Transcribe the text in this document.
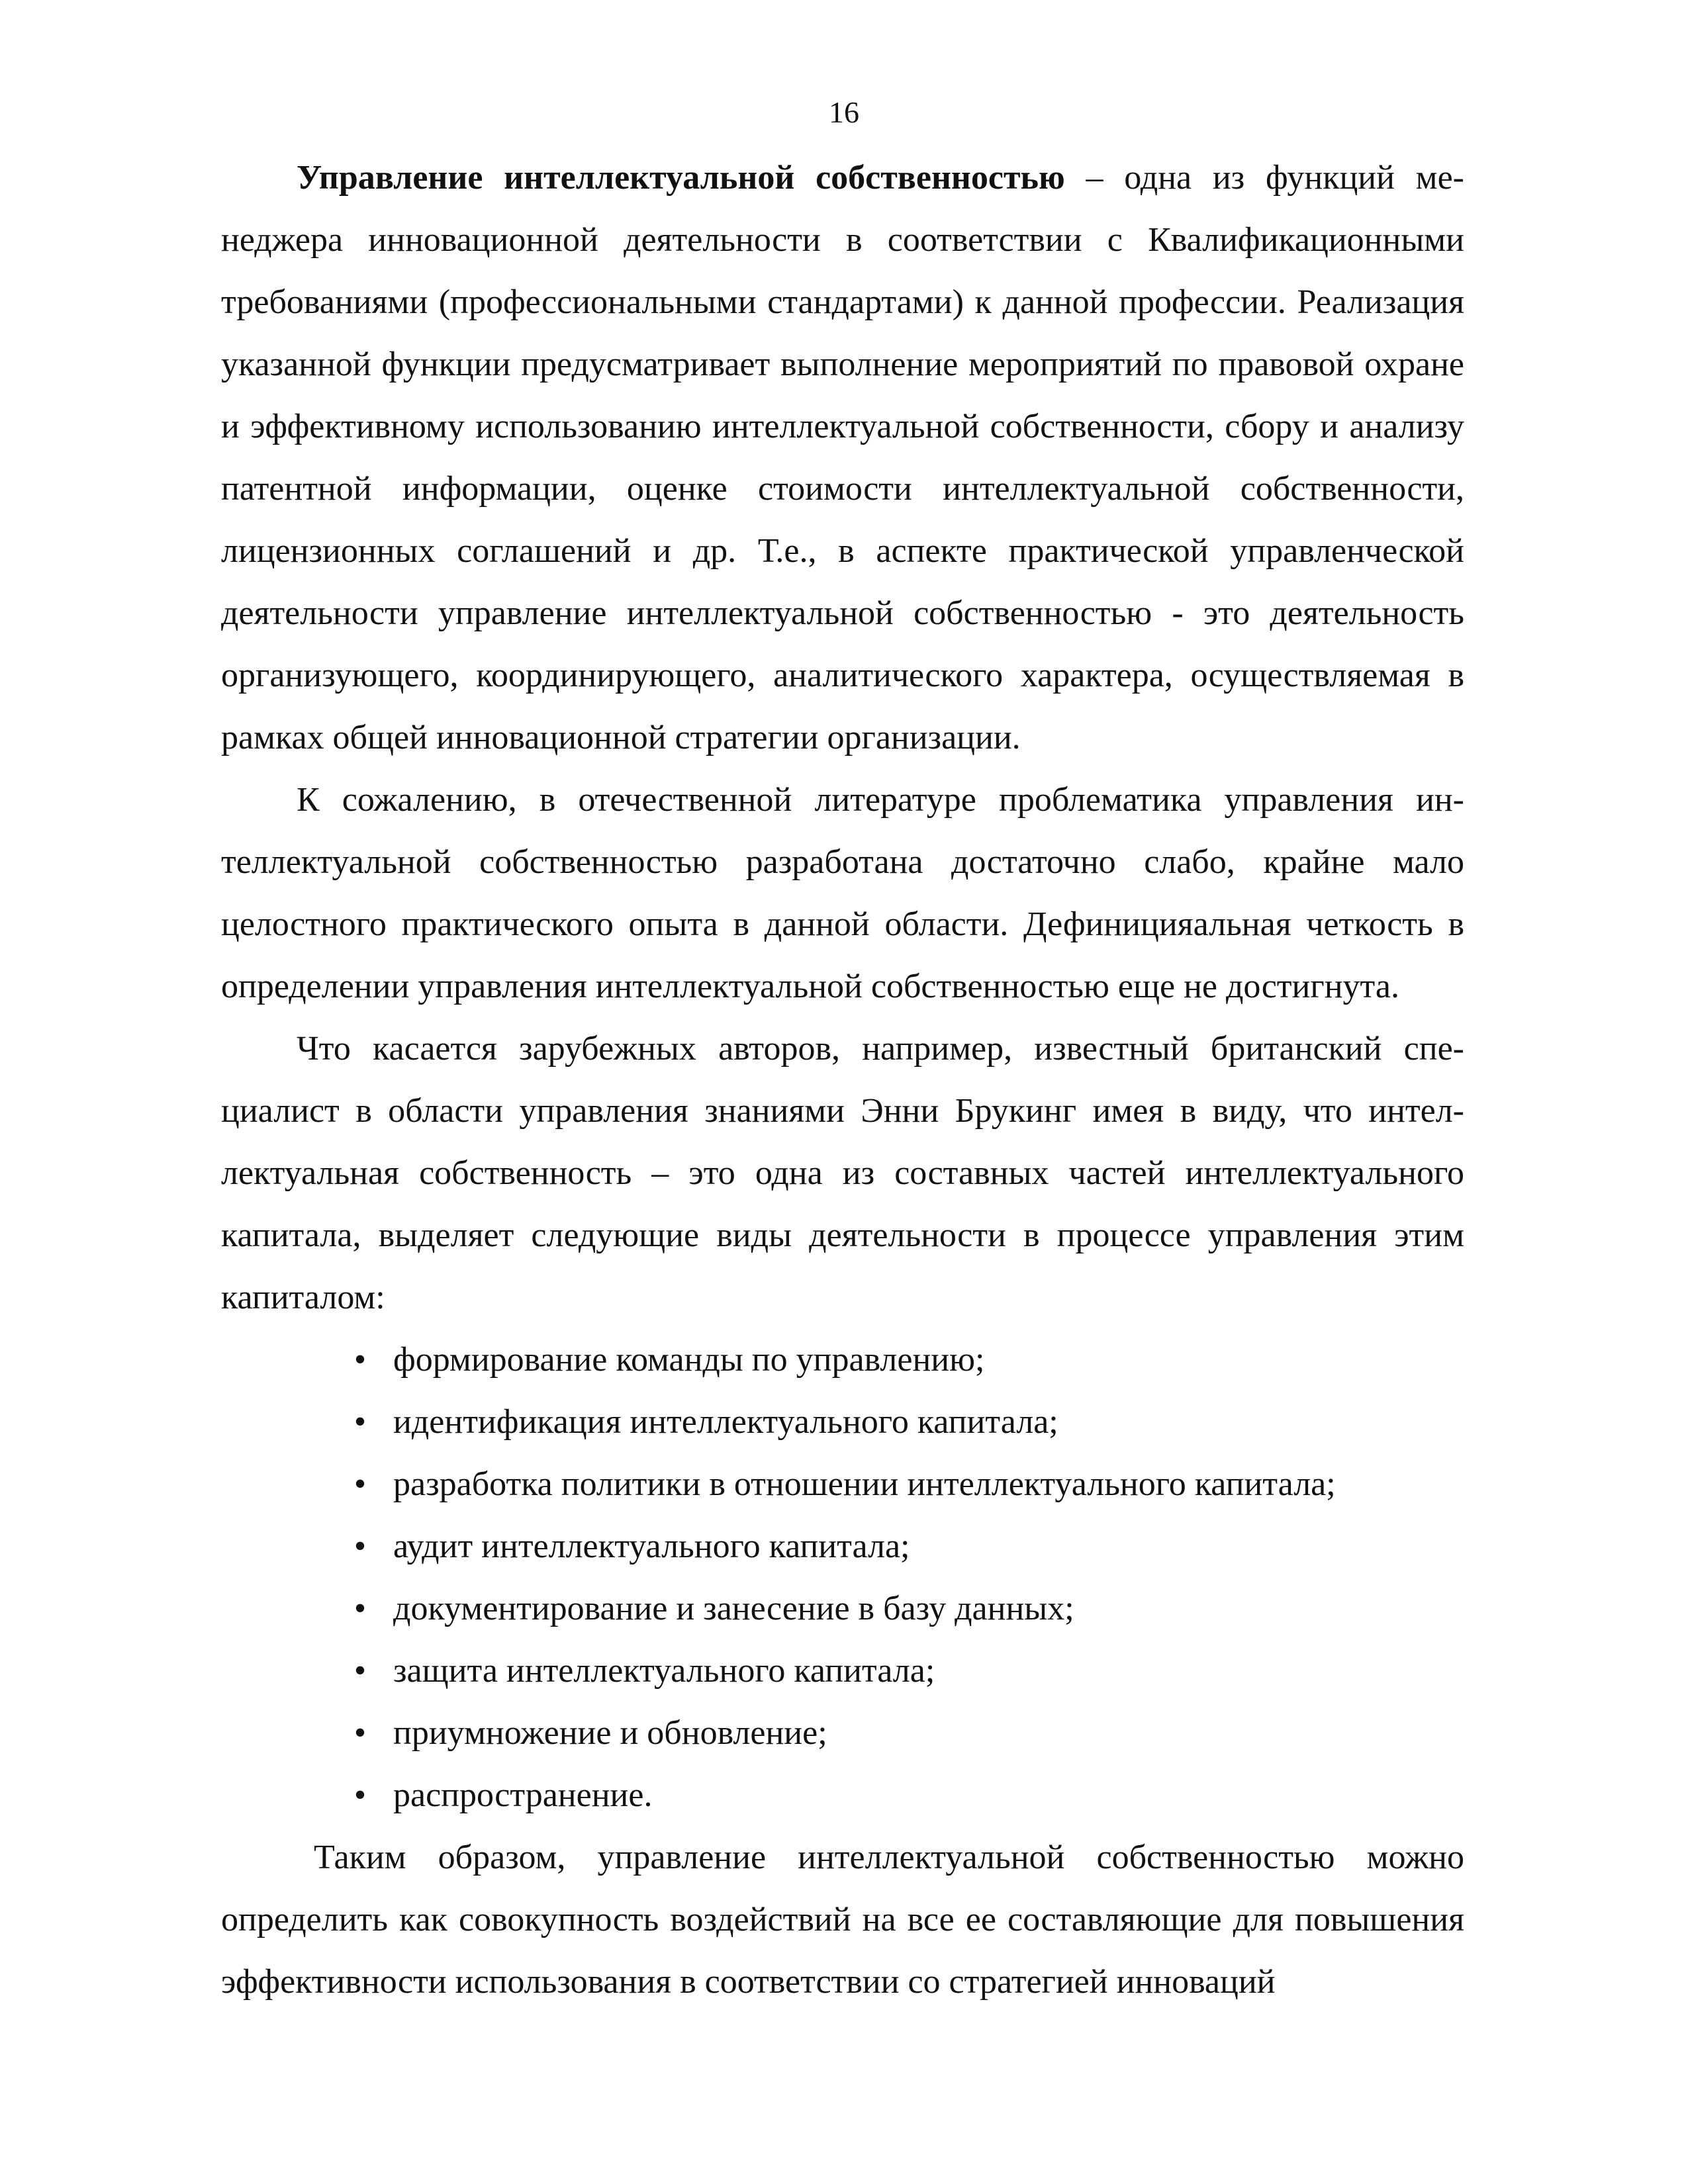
16

Управление интеллектуальной собственностью – одна из функций менеджера инновационной деятельности в соответствии с Квалификационными требованиями (профессиональными стандартами) к данной профессии. Реализация указанной функции предусматривает выполнение мероприятий по правовой охране и эффективному использованию интеллектуальной собственности, сбору и анализу патентной информации, оценке стоимости интеллектуальной собственности, лицензионных соглашений и др. Т.е., в аспекте практической управленческой деятельности управление интеллектуальной собственностью - это деятельность организующего, координирующего, аналитического характера, осуществляемая в рамках общей инновационной стратегии организации.

К сожалению, в отечественной литературе проблематика управления интеллектуальной собственностью разработана достаточно слабо, крайне мало целостного практического опыта в данной области. Дефиницияальная четкость в определении управления интеллектуальной собственностью еще не достигнута.

Что касается зарубежных авторов, например, известный британский специалист в области управления знаниями Энни Брукинг имея в виду, что интеллектуальная собственность – это одна из составных частей интеллектуального капитала, выделяет следующие виды деятельности в процессе управления этим капиталом:

• формирование команды по управлению;
• идентификация интеллектуального капитала;
• разработка политики в отношении интеллектуального капитала;
• аудит интеллектуального капитала;
• документирование и занесение в базу данных;
• защита интеллектуального капитала;
• приумножение и обновление;
• распространение.

Таким образом, управление интеллектуальной собственностью можно определить как совокупность воздействий на все ее составляющие для повышения эффективности использования в соответствии со стратегией инноваций
